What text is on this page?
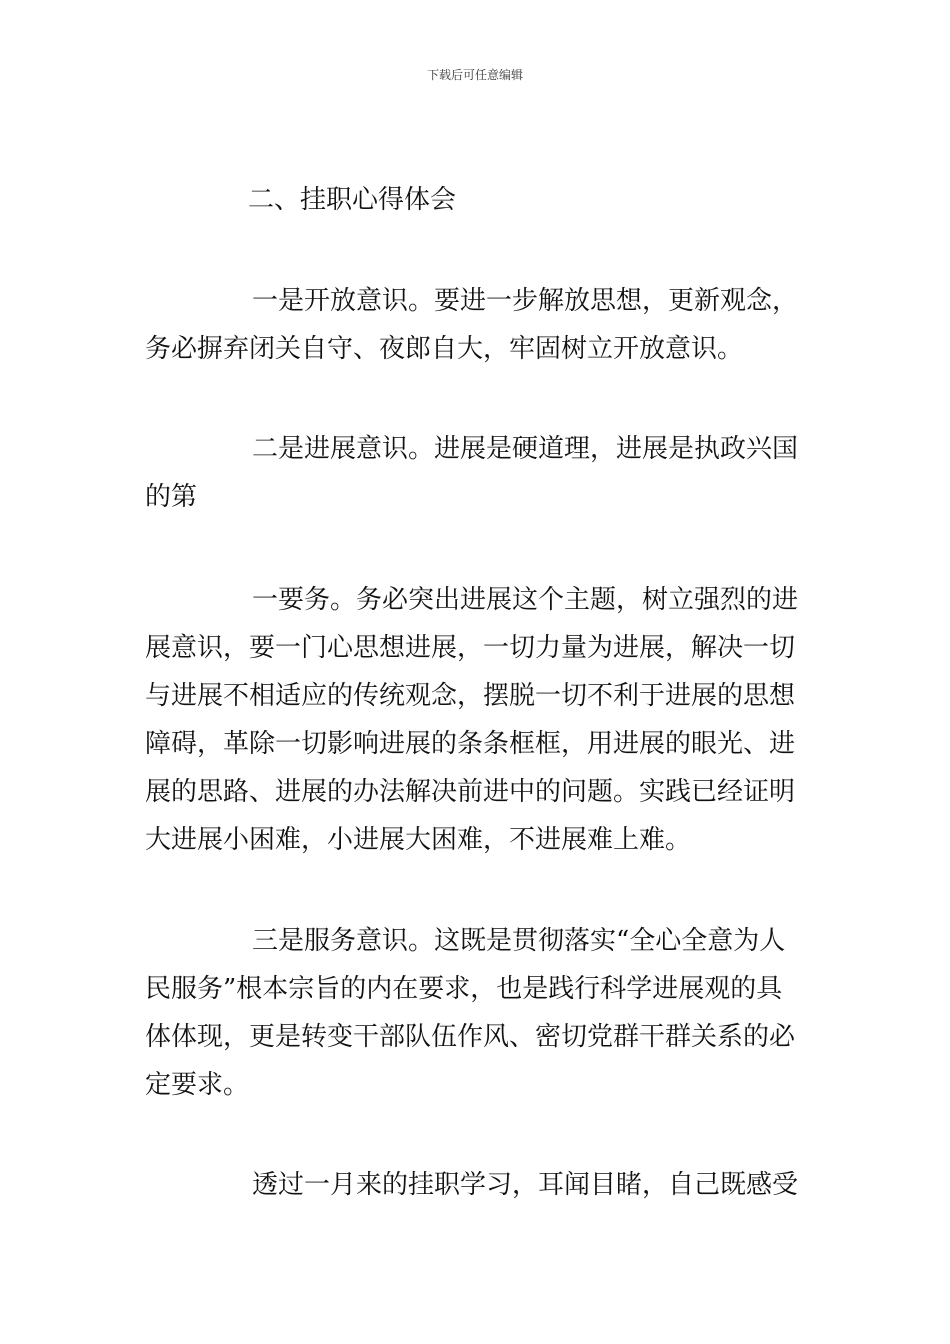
下载后可任意编辑
二、挂职心得体会
一是开放意识。要进一步解放思想，更新观念，
务必摒弃闭关自守、夜郎自大，牢固树立开放意识。
二是进展意识。进展是硬道理，进展是执政兴国
的第
一要务。务必突出进展这个主题，树立强烈的进
展意识，要一门心思想进展，一切力量为进展，解决一切
与进展不相适应的传统观念，摆脱一切不利于进展的思想
障碍，革除一切影响进展的条条框框，用进展的眼光、进
展的思路、进展的办法解决前进中的问题。实践已经证明
大进展小困难，小进展大困难，不进展难上难。
三是服务意识。这既是贯彻落实“全心全意为人
民服务”根本宗旨的内在要求，也是践行科学进展观的具
体体现，更是转变干部队伍作风、密切党群干群关系的必
定要求。
透过一月来的挂职学习，耳闻目睹，自己既感受
